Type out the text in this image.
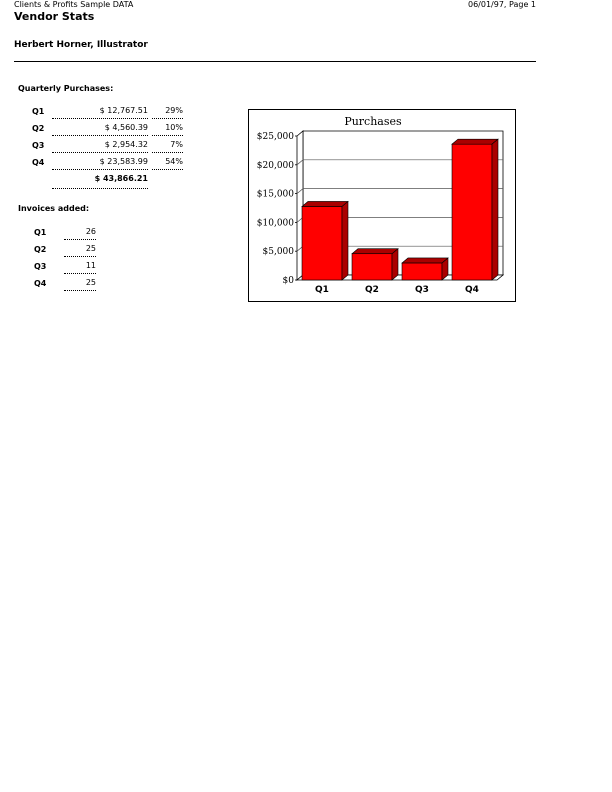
Clients & Profits Sample DATA	06/01/97, Page 1
Vendor Stats
Herbert Horner, Illustrator
Quarterly Purchases:
Q1	$ 12,767.51	29%
Q2	$ 4,560.39	10%
Q3	$ 2,954.32	7%
Q4	$ 23,583.99	54%
$ 43,866.21
Invoices added:
Q1	26
Q2	25
Q3	11
Q4	25
Purchases
$0
$5,000
$10,000
$15,000
$20,000
$25,000
Q1	Q2	Q3	Q4
